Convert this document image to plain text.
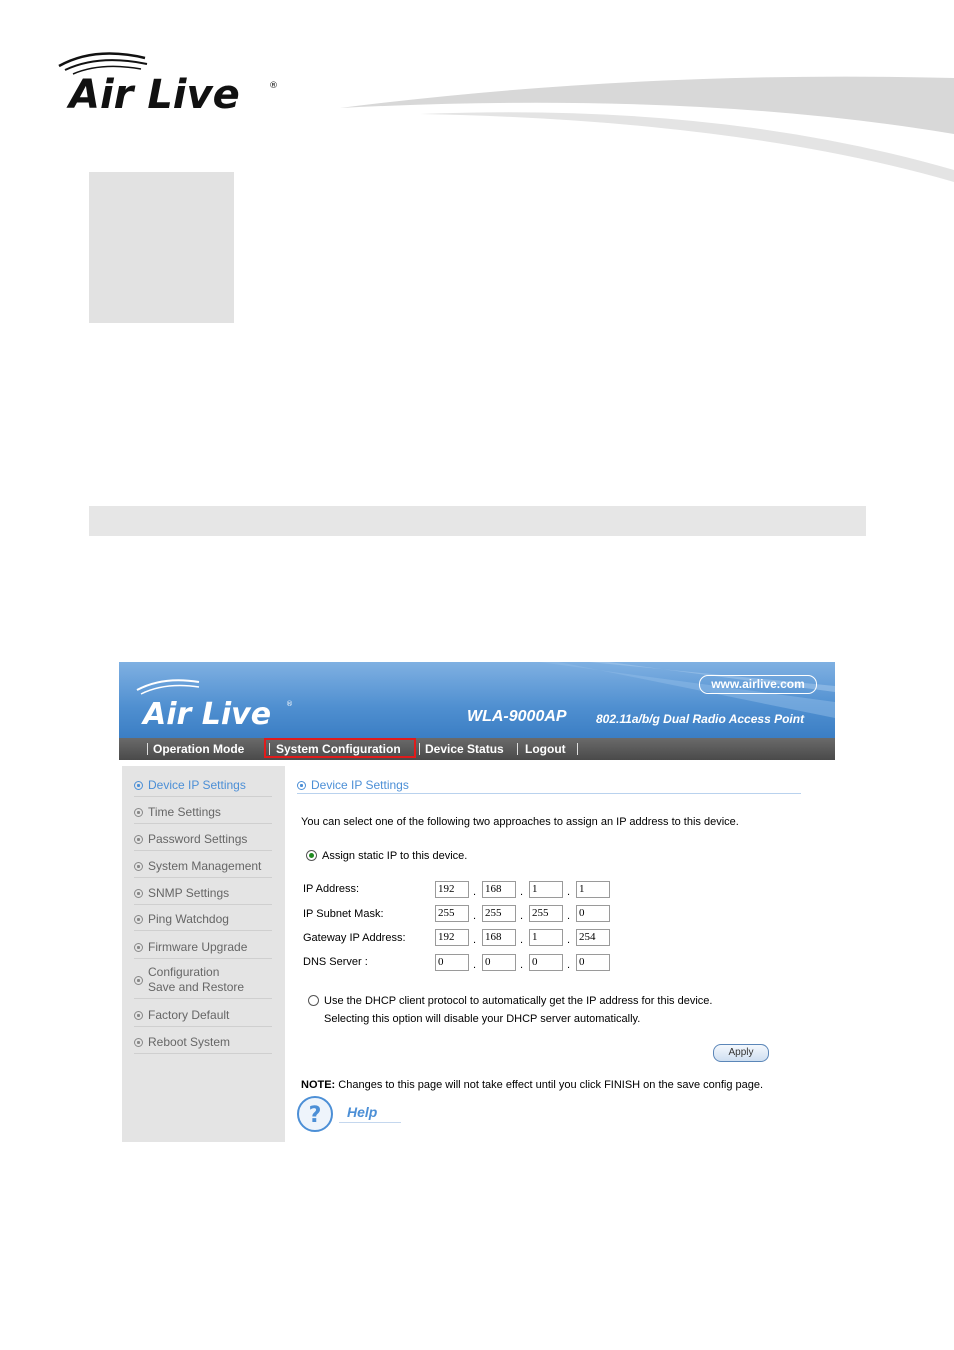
Air Live	®
Air Live ®
www.airlive.com
WLA-9000AP 802.11a/b/g Dual Radio Access Point
Operation Mode	System Configuration Device Status Logout
Device IP Settings
Time Settings
Password Settings
System Management
SNMP Settings
Ping Watchdog
Firmware Upgrade
Configuration
Save and Restore
Factory Default
Reboot System
Device IP Settings
You can select one of the following two approaches to assign an IP address to this device.
Assign static IP to this device.
IP Address:	192	. 168	. 1	. 1
IP Subnet Mask:	255	. 255	. 255	. 0
Gateway IP Address:	192	. 168	. 1	. 254
DNS Server :	0	. 0	. 0	. 0
Use the DHCP client protocol to automatically get the IP address for this device.
Selecting this option will disable your DHCP server automatically.
Apply
NOTE: Changes to this page will not take effect until you click FINISH on the save config page.
? Help
